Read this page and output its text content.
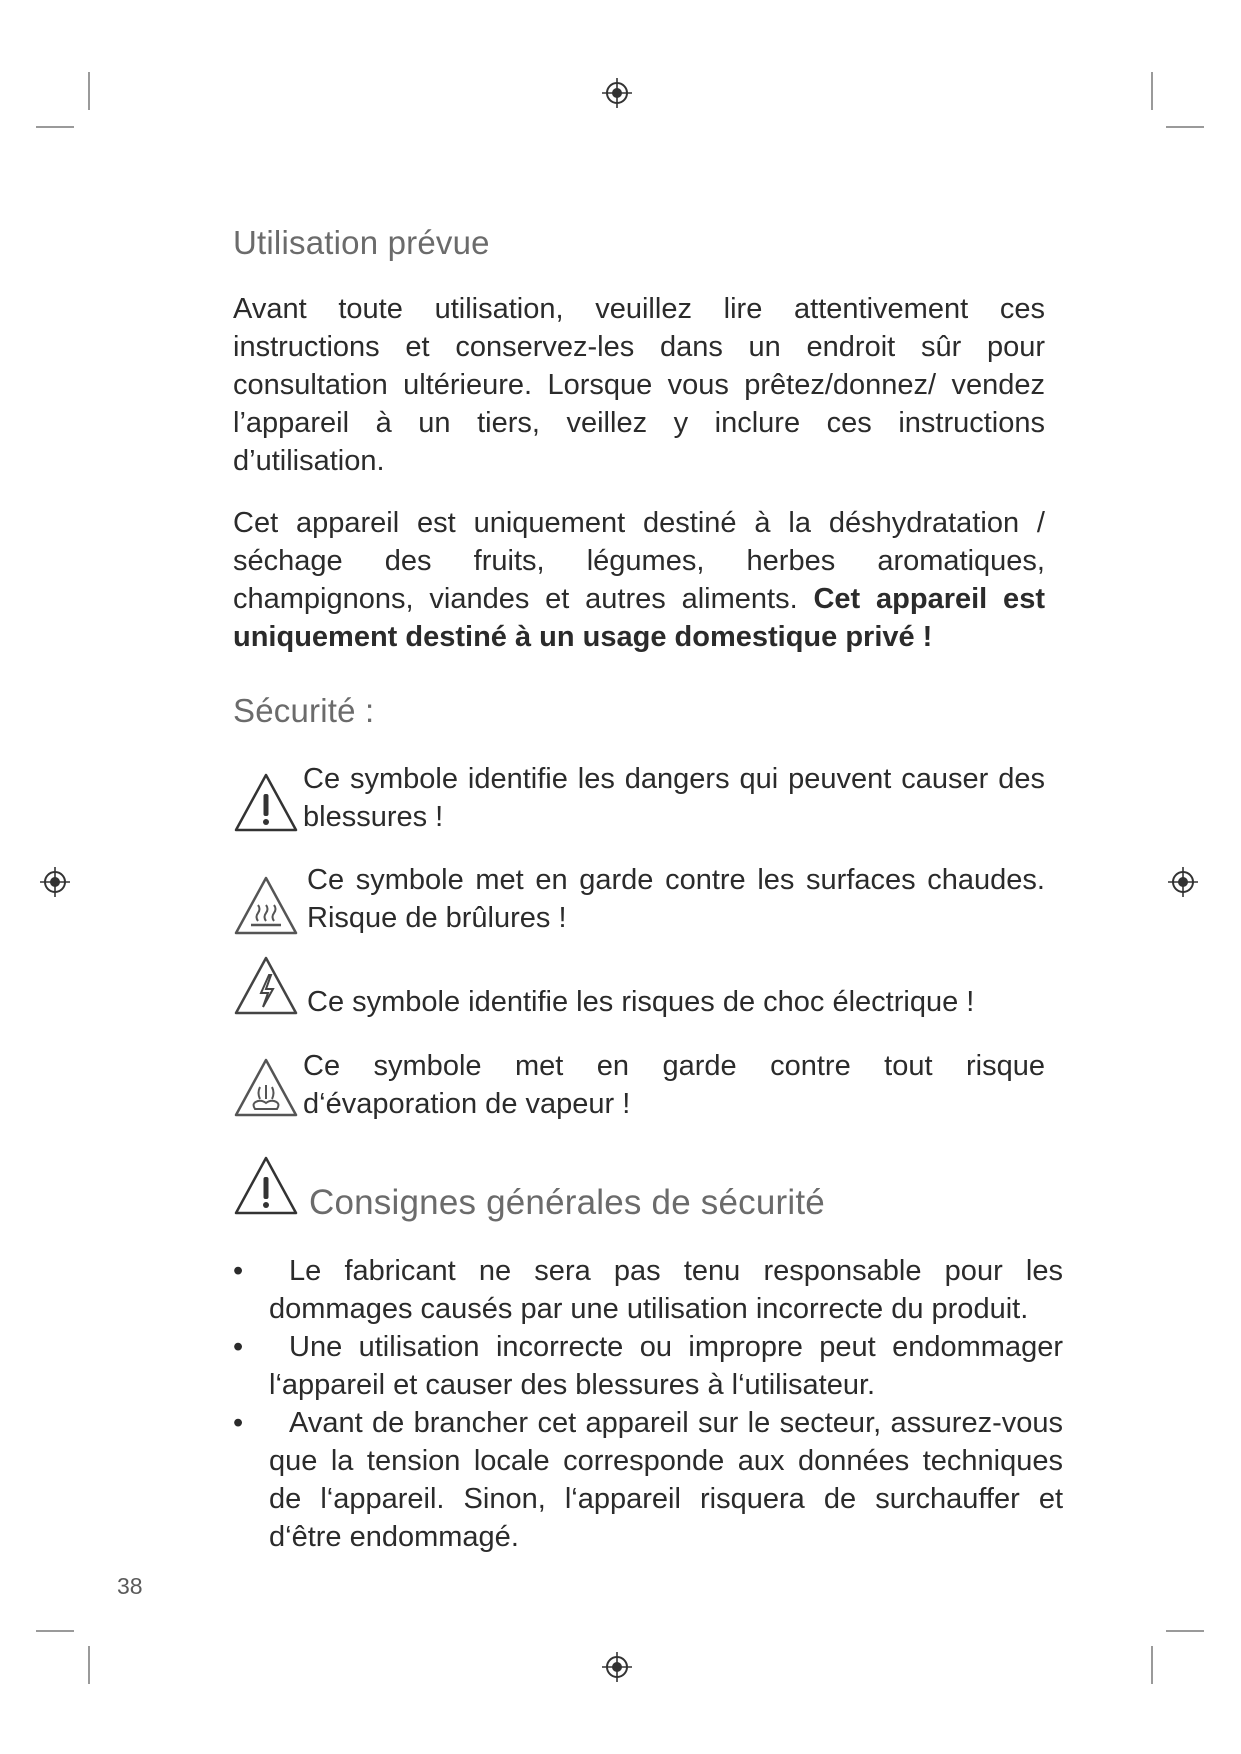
Utilisation prévue
Avant toute utilisation, veuillez lire attentivement ces instructions et conservez-les dans un endroit sûr pour consultation ultérieure. Lorsque vous prêtez/donnez/ vendez l’appareil à un tiers, veillez y inclure ces instructions d’utilisation.
Cet appareil est uniquement destiné à la déshydratation / séchage des fruits, légumes, herbes aromatiques, champignons, viandes et autres aliments. Cet appareil est uniquement destiné à un usage domestique privé !
Sécurité :
Ce symbole identifie les dangers qui peuvent causer des blessures !
Ce symbole met en garde contre les surfaces chaudes. Risque de brûlures !
Ce symbole identifie les risques de choc électrique !
Ce symbole met en garde contre tout risque d‘évaporation de vapeur !
Consignes générales de sécurité
•	Le fabricant ne sera pas tenu responsable pour les dommages causés par une utilisation incorrecte du produit.
•	Une utilisation incorrecte ou impropre peut endommager l‘appareil et causer des blessures à l‘utilisateur.
•	Avant de brancher cet appareil sur le secteur, assurez-vous que la tension locale corresponde aux données techniques de l‘appareil. Sinon, l‘appareil risquera de surchauffer et d‘être endommagé.
38
